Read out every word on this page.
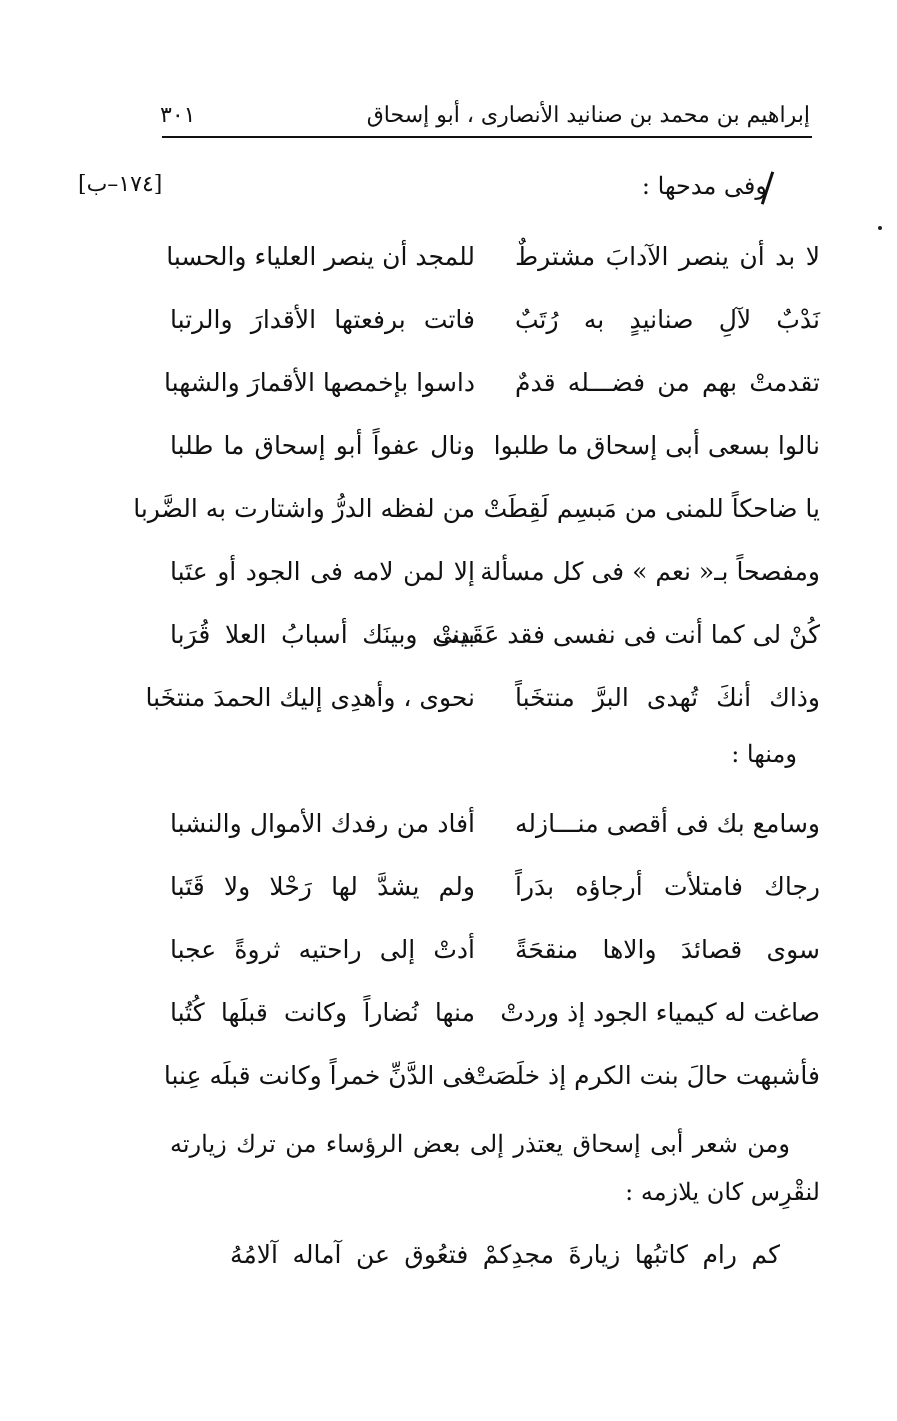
إبراهيم بن محمد بن صنانيد الأنصارى ، أبو إسحاق
٣٠١
[١٧٤–ب]	وفى مدحها :
لا بد أن ينصر الآدابَ مشترطٌ
للمجد أن ينصر العلياء والحسبا
نَدْبٌ لآلِ صنانيدٍ به رُتَبٌ
فاتت برفعتها الأقدارَ والرتبا
تقدمتْ بهم من فضـــله قدمٌ
داسوا بإخمصها الأقمارَ والشهبا
نالوا بسعى أبى إسحاق ما طلبوا
ونال عفواً أبو إسحاق ما طلبا
يا ضاحكاً للمنى من مَبسِم لَقِطَتْ
من لفظه الدرُّ واشتارت به الضَّربا
ومفصحاً بـ« نعم » فى كل مسألة
إلا لمن لامه فى الجود أو عتَبا
كُنْ لى كما أنت فى نفسى فقد عَقَدتْ
بينى وبينَك أسبابُ العلا قُرَبا
وذاك أنكَ تُهدى البرَّ منتخَباً
نحوى ، وأهدِى إليك الحمدَ منتخَبا
ومنها :
وسامع بك فى أقصى منـــازله
أفاد من رفدك الأموال والنشبا
رجاك فامتلأت أرجاؤه بدَراً
ولم يشدَّ لها رَحْلا ولا قَتَبا
سوى قصائدَ والاها منقحَةً
أدتْ إلى راحتيه ثروةً عجبا
صاغت له كيمياء الجود إذ وردتْ
منها نُضاراً وكانت قبلَها كُتُبا
فأشبهت حالَ بنت الكرم إذ خلَصَتْ
فى الدَّنِّ خمراً وكانت قبلَه عِنبا
ومن شعر أبى إسحاق يعتذر إلى بعض الرؤساء من ترك زيارته لنقْرِس كان يلازمه :
كم رام كاتبُها زيارةَ مجدِكمْ فتعُوق عن آماله آلامُهُ
